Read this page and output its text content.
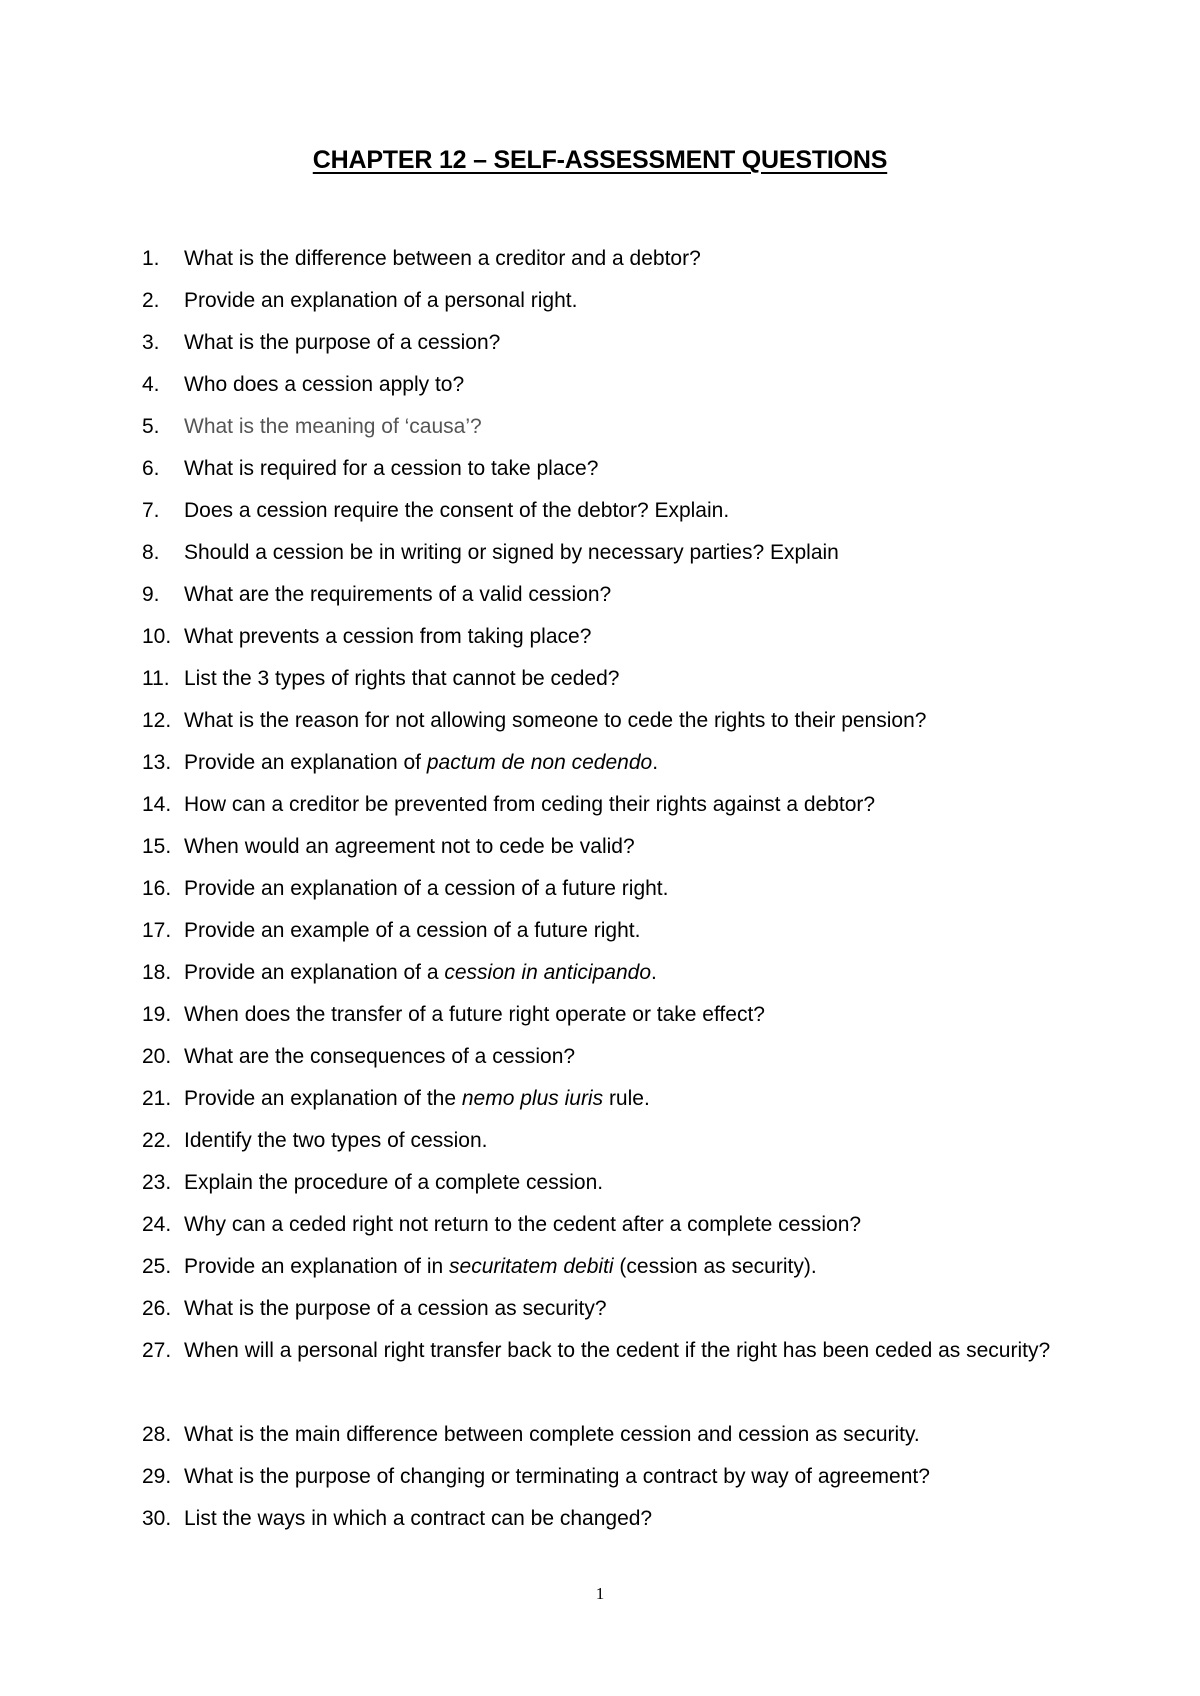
CHAPTER 12 – SELF-ASSESSMENT QUESTIONS
1.	What is the difference between a creditor and a debtor?
2.	Provide an explanation of a personal right.
3.	What is the purpose of a cession?
4.	Who does a cession apply to?
5.	What is the meaning of ‘causa’?
6.	What is required for a cession to take place?
7.	Does a cession require the consent of the debtor? Explain.
8.	Should a cession be in writing or signed by necessary parties? Explain
9.	What are the requirements of a valid cession?
10. What prevents a cession from taking place?
11. List the 3 types of rights that cannot be ceded?
12. What is the reason for not allowing someone to cede the rights to their pension?
13. Provide an explanation of pactum de non cedendo.
14. How can a creditor be prevented from ceding their rights against a debtor?
15. When would an agreement not to cede be valid?
16. Provide an explanation of a cession of a future right.
17. Provide an example of a cession of a future right.
18. Provide an explanation of a cession in anticipando.
19. When does the transfer of a future right operate or take effect?
20. What are the consequences of a cession?
21. Provide an explanation of the nemo plus iuris rule.
22. Identify the two types of cession.
23. Explain the procedure of a complete cession.
24. Why can a ceded right not return to the cedent after a complete cession?
25. Provide an explanation of in securitatem debiti (cession as security).
26. What is the purpose of a cession as security?
27. When will a personal right transfer back to the cedent if the right has been ceded as security?
28. What is the main difference between complete cession and cession as security.
29. What is the purpose of changing or terminating a contract by way of agreement?
30. List the ways in which a contract can be changed?
1
